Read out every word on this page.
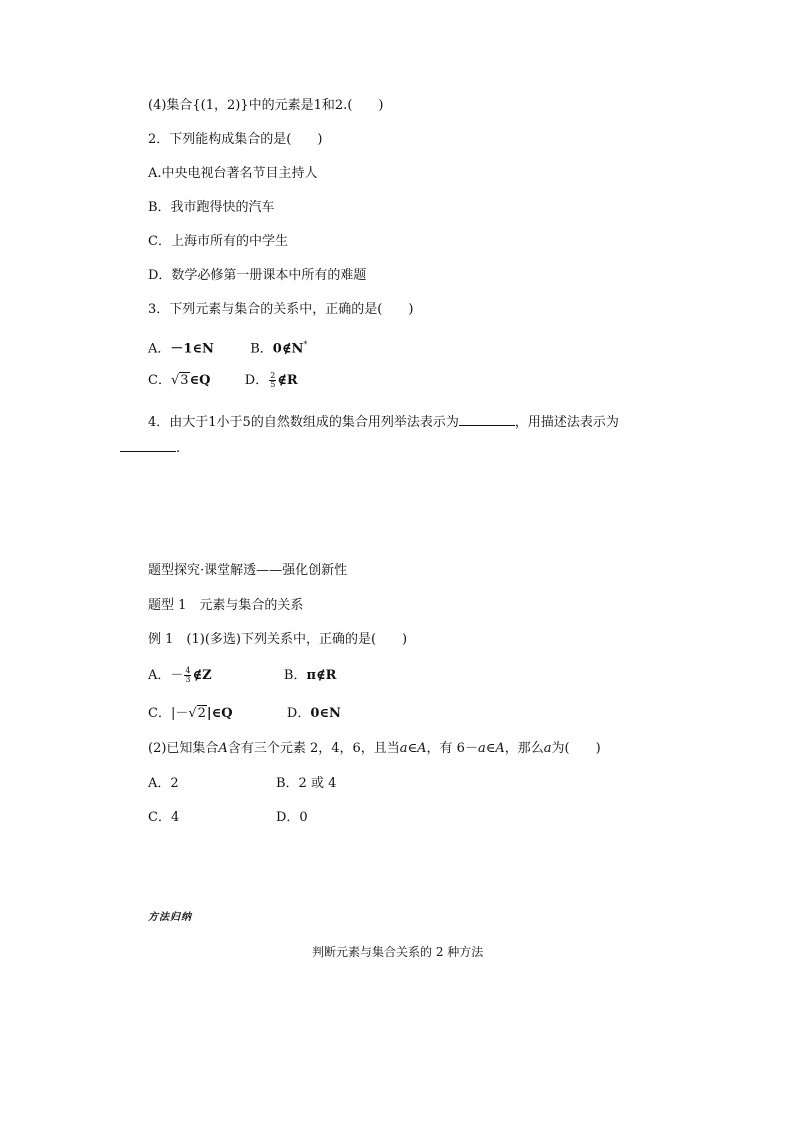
(4)集合{(1，2)}中的元素是1和2.(　　)
2．下列能构成集合的是(　　)
A.中央电视台著名节目主持人
B．我市跑得快的汽车
C．上海市所有的中学生
D．数学必修第一册课本中所有的难题
3．下列元素与集合的关系中，正确的是(　　)
A．－1∈N	B．0∉N*
C．√3∈Q	D． $\frac{2}{5}$ ∉R
4．由大于1小于5的自然数组成的集合用列举法表示为	，用描述法表示为
.
题型探究·课堂解透——强化创新性
题型 1　元素与集合的关系
例 1　(1)(多选)下列关系中，正确的是(　　)
A．－ $\frac{4}{3}$ ∉Z	B．π∉R
C．|－√2|∈Q	D．0∈N
(2)已知集合A含有三个元素 2，4，6，且当a∈A，有 6－a∈A，那么a为(　　)
A．2	B．2 或 4
C．4	D．0
方法归纳
判断元素与集合关系的 2 种方法
